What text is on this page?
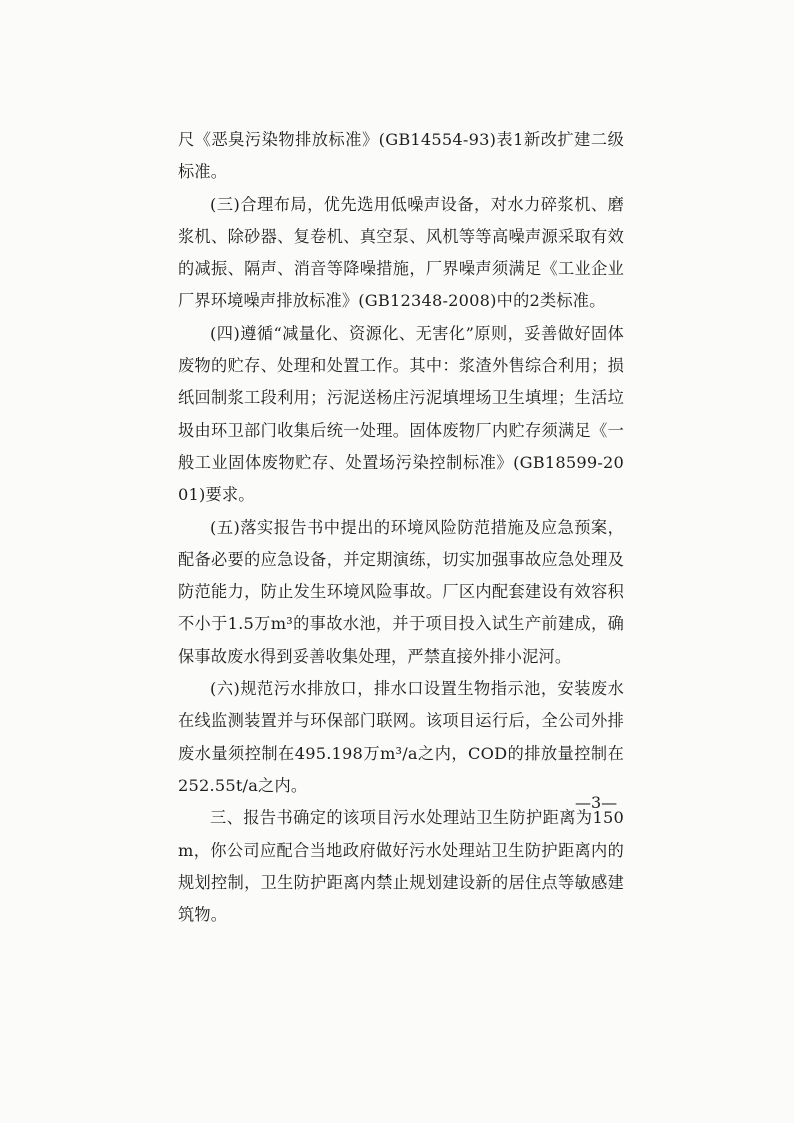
尺《恶臭污染物排放标准》(GB14554-93)表1新改扩建二级标准。

(三)合理布局，优先选用低噪声设备，对水力碎浆机、磨浆机、除砂器、复卷机、真空泵、风机等等高噪声源采取有效的减振、隔声、消音等降噪措施，厂界噪声须满足《工业企业厂界环境噪声排放标准》(GB12348-2008)中的2类标准。

(四)遵循“减量化、资源化、无害化”原则，妥善做好固体废物的贮存、处理和处置工作。其中：浆渣外售综合利用；损纸回制浆工段利用；污泥送杨庄污泥填埋场卫生填埋；生活垃圾由环卫部门收集后统一处理。固体废物厂内贮存须满足《一般工业固体废物贮存、处置场污染控制标准》(GB18599-2001)要求。

(五)落实报告书中提出的环境风险防范措施及应急预案，配备必要的应急设备，并定期演练，切实加强事故应急处理及防范能力，防止发生环境风险事故。厂区内配套建设有效容积不小于1.5万m³的事故水池，并于项目投入试生产前建成，确保事故废水得到妥善收集处理，严禁直接外排小泥河。

(六)规范污水排放口，排水口设置生物指示池，安装废水在线监测装置并与环保部门联网。该项目运行后，全公司外排废水量须控制在495.198万m³/a之内，COD的排放量控制在252.55t/a之内。

三、报告书确定的该项目污水处理站卫生防护距离为150m，你公司应配合当地政府做好污水处理站卫生防护距离内的规划控制，卫生防护距离内禁止规划建设新的居住点等敏感建筑物。

—3—
